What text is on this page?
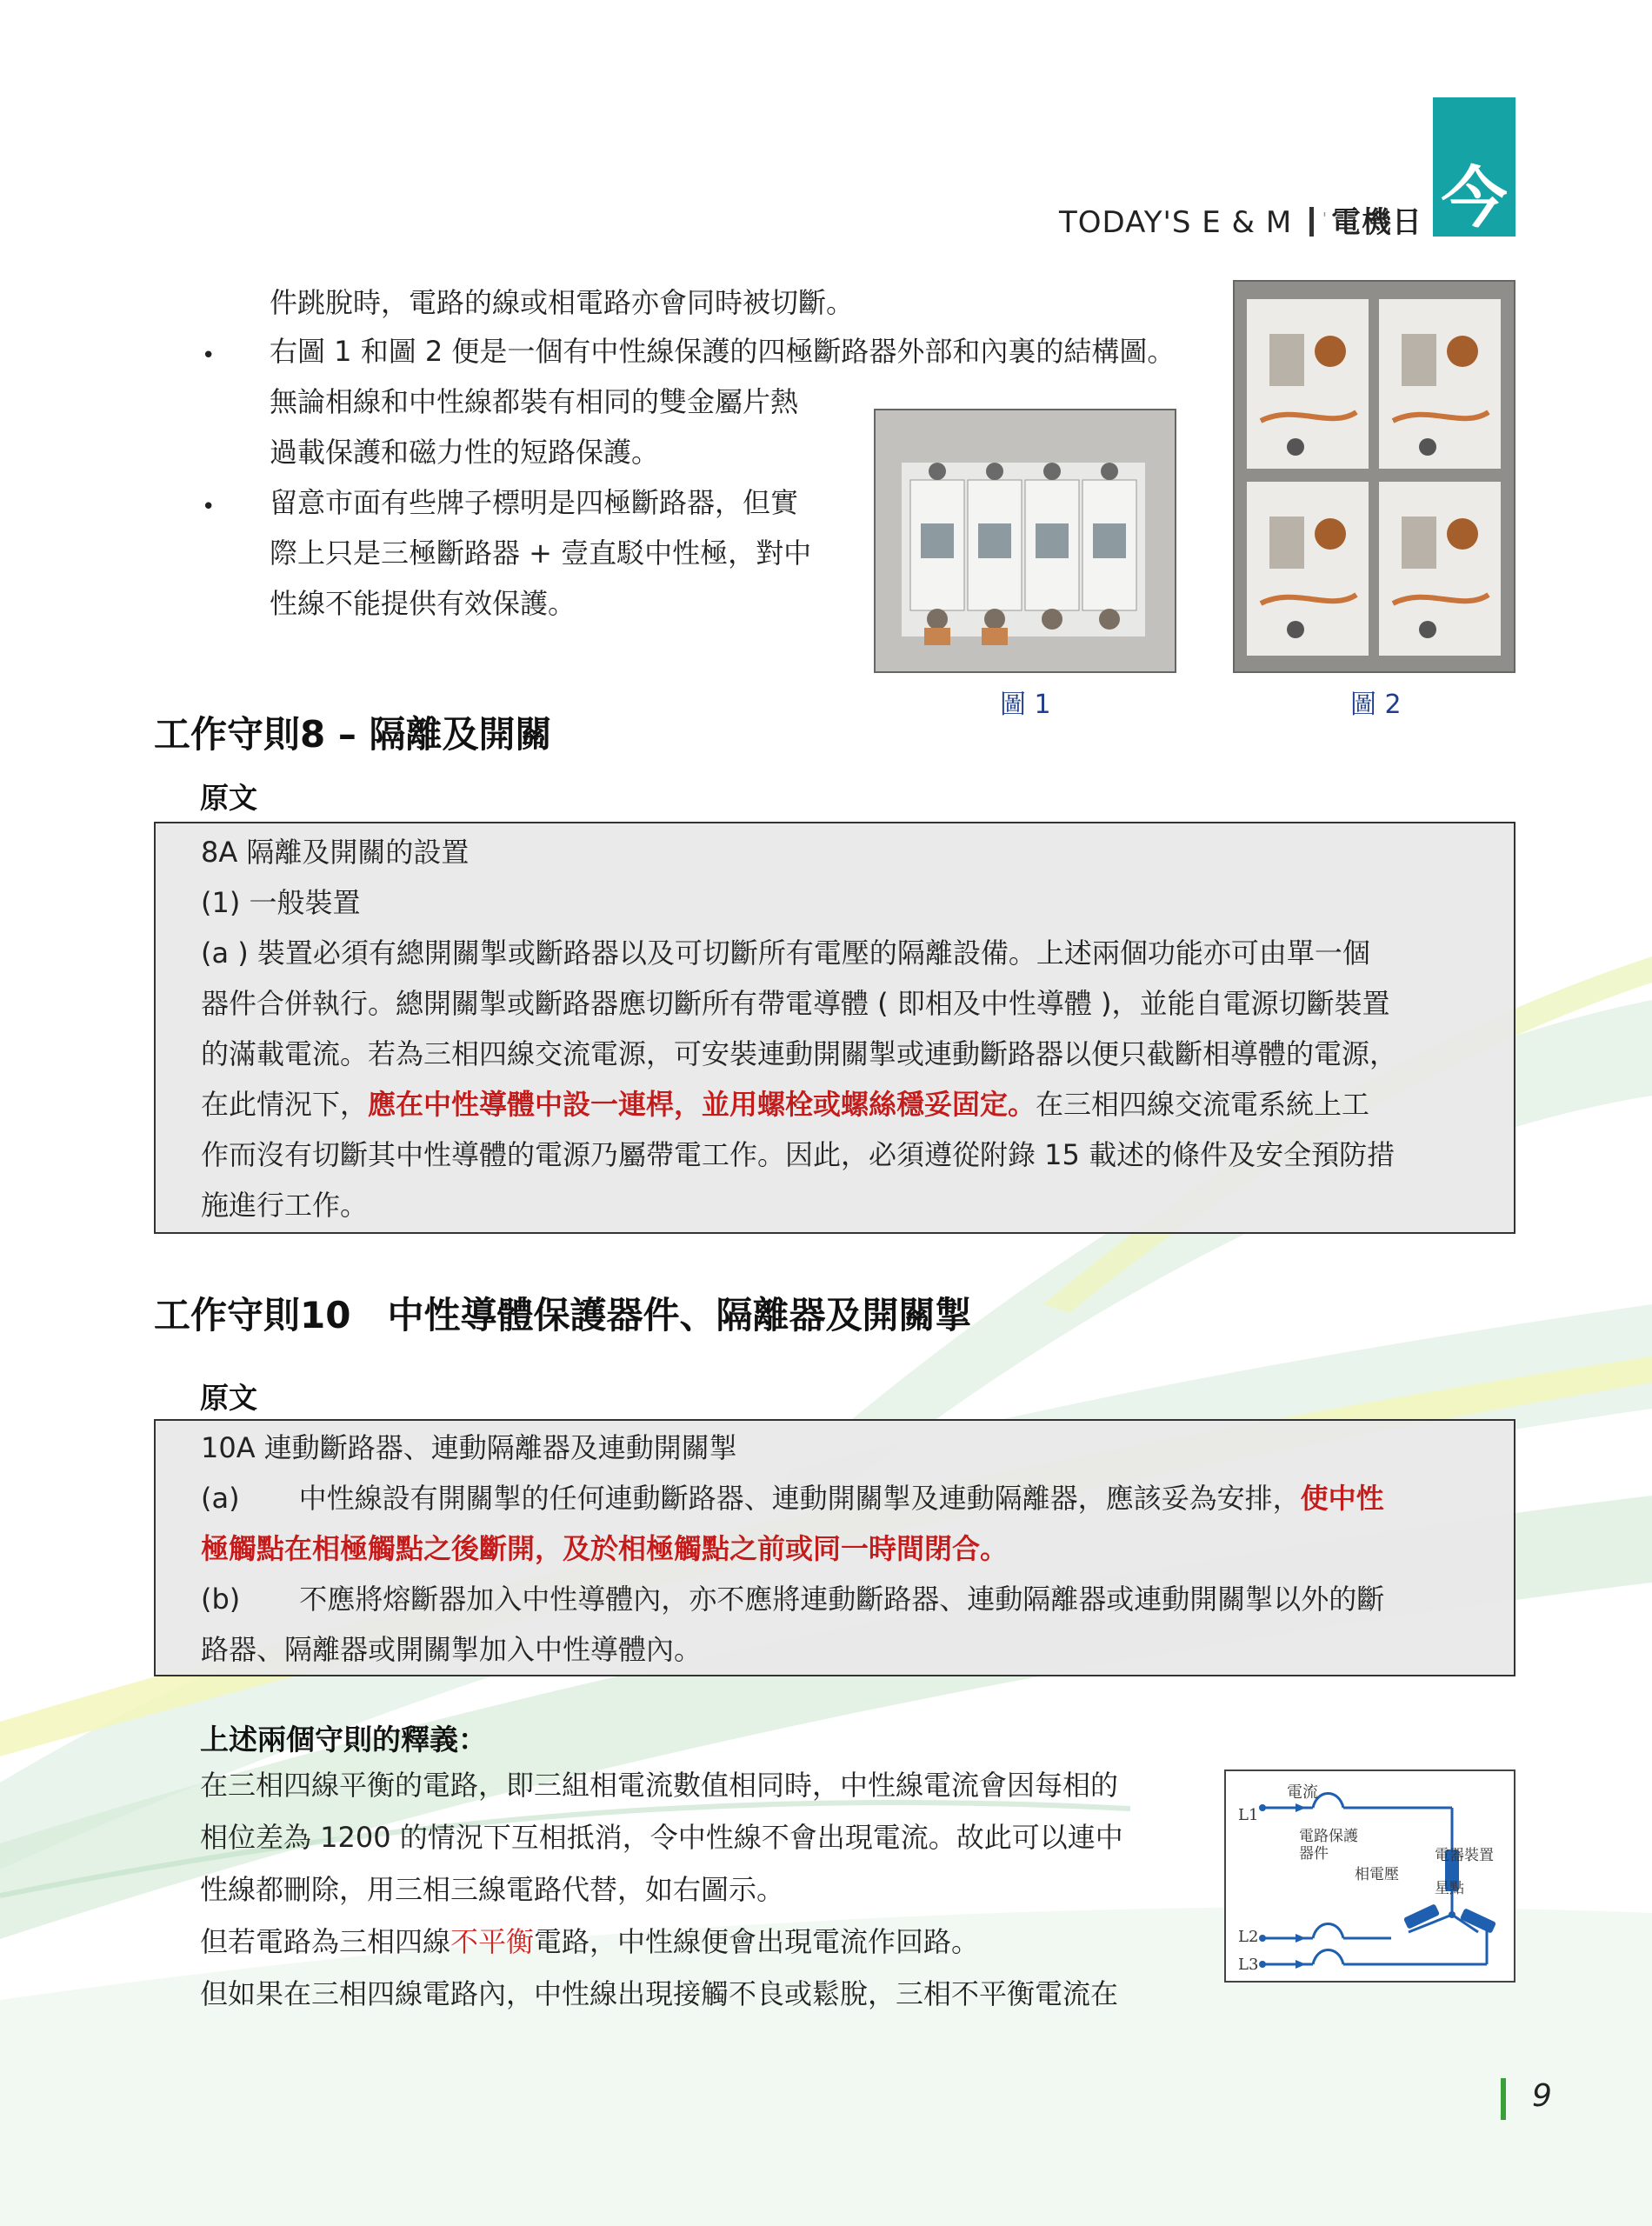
TODAY'S E & M ' 電機日 今
件跳脫時，電路的線或相電路亦會同時被切斷。
• 右圖 1 和圖 2 便是一個有中性線保護的四極斷路器外部和內裏的結構圖。
無論相線和中性線都裝有相同的雙金屬片熱
過載保護和磁力性的短路保護。
• 留意市面有些牌子標明是四極斷路器，但實
際上只是三極斷路器 + 壹直駁中性極，對中
性線不能提供有效保護。
圖 1	圖 2
工作守則8 – 隔離及開關
原文
8A 隔離及開關的設置
(1) 一般裝置
(a ) 裝置必須有總開關掣或斷路器以及可切斷所有電壓的隔離設備。上述兩個功能亦可由單一個
器件合併執行。總開關掣或斷路器應切斷所有帶電導體 ( 即相及中性導體 )，並能自電源切斷裝置
的滿載電流。若為三相四線交流電源，可安裝連動開關掣或連動斷路器以便只截斷相導體的電源，
在此情況下，應在中性導體中設一連桿，並用螺栓或螺絲穩妥固定。在三相四線交流電系統上工
作而沒有切斷其中性導體的電源乃屬帶電工作。因此，必須遵從附錄 15 載述的條件及安全預防措
施進行工作。
工作守則10　中性導體保護器件、隔離器及開關掣
原文
10A 連動斷路器、連動隔離器及連動開關掣
(a) 中性線設有開關掣的任何連動斷路器、連動開關掣及連動隔離器，應該妥為安排，使中性
極觸點在相極觸點之後斷開，及於相極觸點之前或同一時間閉合。
(b) 不應將熔斷器加入中性導體內，亦不應將連動斷路器、連動隔離器或連動開關掣以外的斷
路器、隔離器或開關掣加入中性導體內。
上述兩個守則的釋義：
在三相四線平衡的電路，即三組相電流數值相同時，中性線電流會因每相的
相位差為 1200 的情況下互相抵消，令中性線不會出現電流。故此可以連中
性線都刪除，用三相三線電路代替，如右圖示。
但若電路為三相四線不平衡電路，中性線便會出現電流作回路。
但如果在三相四線電路內，中性線出現接觸不良或鬆脫，三相不平衡電流在
電流
L1
L2
L3
電路保護
器件
相電壓
電器裝置
星點
9
